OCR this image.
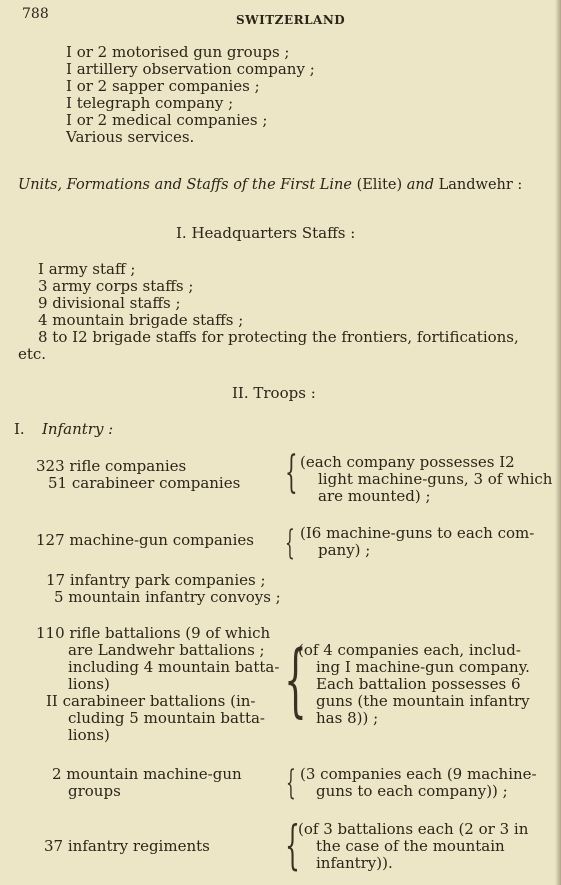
788	SWITZERLAND
I or 2 motorised gun groups ;
I artillery observation company ;
I or 2 sapper companies ;
I telegraph company ;
I or 2 medical companies ;
Various services.
Units, Formations and Staffs of the First Line (Elite) and Landwehr :
I. Headquarters Staffs :
I army staff ;
3 army corps staffs ;
9 divisional staffs ;
4 mountain brigade staffs ;
8 to I2 brigade staffs for protecting the frontiers, fortifications,
etc.
II. Troops :
I. Infantry :
323 rifle companies
51 carabineer companies { (each company possesses I2
light machine-guns, 3 of which
are mounted) ;
127 machine-gun companies { (I6 machine-guns to each com-
pany) ;
17 infantry park companies ;
5 mountain infantry convoys ;
110 rifle battalions (9 of which
are Landwehr battalions ;
including 4 mountain batta-
lions)
II carabineer battalions (in-
cluding 5 mountain batta-
lions)
{
(of 4 companies each, includ-
ing I machine-gun company.
Each battalion possesses 6
guns (the mountain infantry
has 8)) ;
2 mountain machine-gun
groups	{ (3 companies each (9 machine-
guns to each company)) ;
37 infantry regiments {
(of 3 battalions each (2 or 3 in
the case of the mountain
infantry)).
